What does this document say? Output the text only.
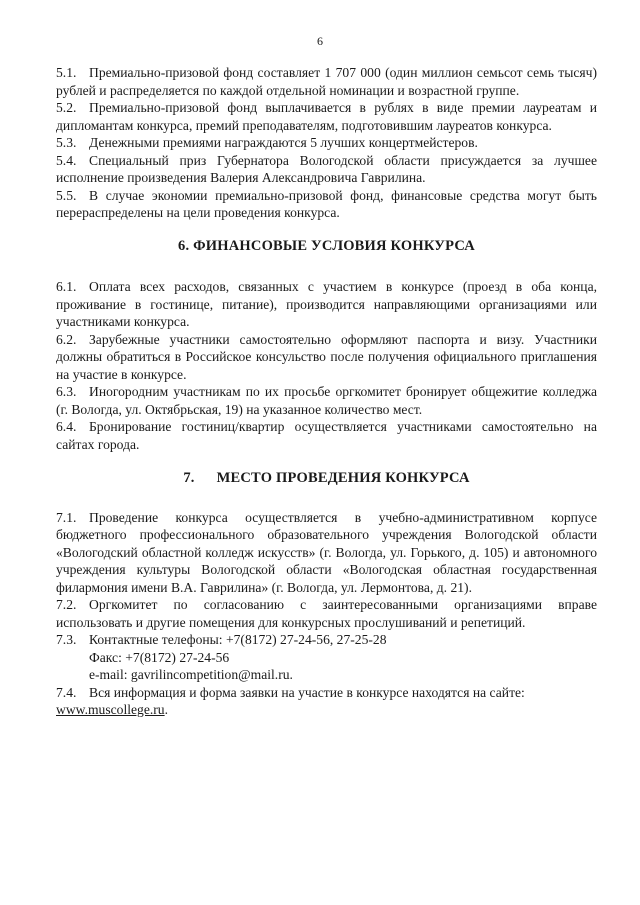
6

5.1. Премиально-призовой фонд составляет 1 707 000 (один миллион семьсот семь тысяч) рублей и распределяется по каждой отдельной номинации и возрастной группе.

5.2. Премиально-призовой фонд выплачивается в рублях в виде премии лауреатам и дипломантам конкурса, премий преподавателям, подготовившим лауреатов конкурса.

5.3. Денежными премиями награждаются 5 лучших концертмейстеров.

5.4. Специальный приз Губернатора Вологодской области присуждается за лучшее исполнение произведения Валерия Александровича Гаврилина.

5.5. В случае экономии премиально-призовой фонд, финансовые средства могут быть перераспределены на цели проведения конкурса.

6. ФИНАНСОВЫЕ УСЛОВИЯ КОНКУРСА

6.1. Оплата всех расходов, связанных с участием в конкурсе (проезд в оба конца, проживание в гостинице, питание), производится направляющими организациями или участниками конкурса.

6.2. Зарубежные участники самостоятельно оформляют паспорта и визу. Участники должны обратиться в Российское консульство после получения официального приглашения на участие в конкурсе.

6.3. Иногородним участникам по их просьбе оргкомитет бронирует общежитие колледжа (г. Вологда, ул. Октябрьская, 19) на указанное количество мест.

6.4. Бронирование гостиниц/квартир осуществляется участниками самостоятельно на сайтах города.

7. МЕСТО ПРОВЕДЕНИЯ КОНКУРСА

7.1. Проведение конкурса осуществляется в учебно-административном корпусе бюджетного профессионального образовательного учреждения Вологодской области «Вологодский областной колледж искусств» (г. Вологда, ул. Горького, д. 105) и автономного учреждения культуры Вологодской области «Вологодская областная государственная филармония имени В.А. Гаврилина» (г. Вологда, ул. Лермонтова, д. 21).

7.2. Оргкомитет по согласованию с заинтересованными организациями вправе использовать и другие помещения для конкурсных прослушиваний и репетиций.

7.3. Контактные телефоны: +7(8172) 27-24-56, 27-25-28

Факс: +7(8172) 27-24-56

e-mail: gavrilincompetition@mail.ru.

7.4. Вся информация и форма заявки на участие в конкурсе находятся на сайте:
www.muscollege.ru.
